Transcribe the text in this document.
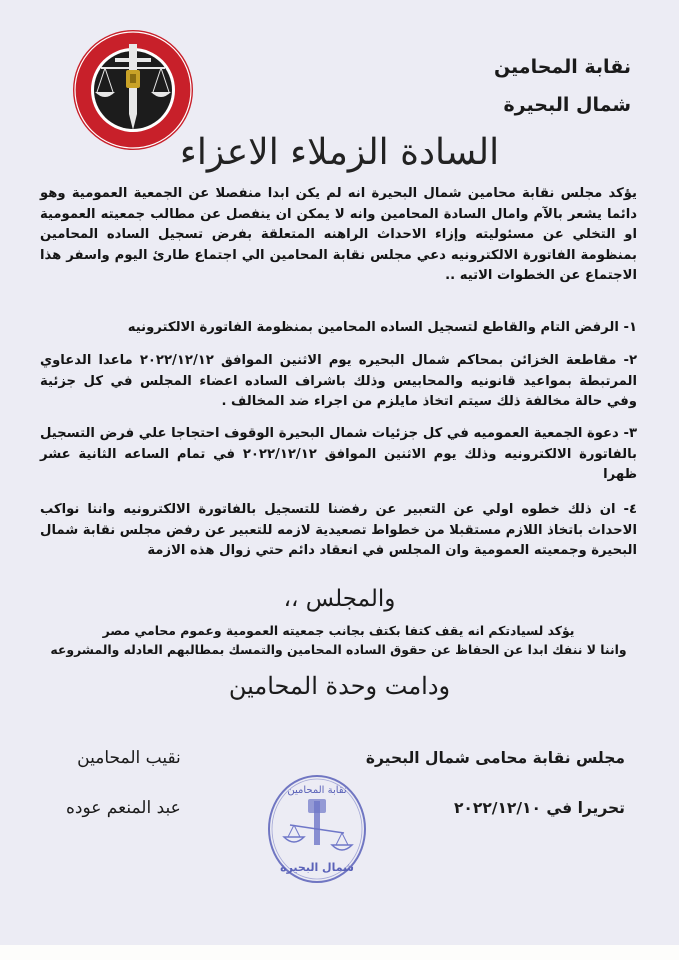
نقابة المحامين
شمال البحيرة
السادة الزملاء الاعزاء
يؤكد مجلس نقابة محامين شمال البحيرة انه لم يكن ابدا منفصلا عن الجمعية العمومية وهو دائما يشعر بالآم وامال السادة المحامين وانه لا يمكن ان ينفصل عن مطالب جمعيته العمومية او التخلي عن مسئوليته وإزاء الاحداث الراهنه المتعلقة بفرض تسجيل الساده المحامين بمنظومة الفاتورة الالكترونيه دعي مجلس نقابة المحامين الي اجتماع طارئ اليوم واسفر هذا الاجتماع عن الخطوات الاتيه ..
١- الرفض التام والقاطع لتسجيل الساده المحامين بمنظومة الفاتورة الالكترونيه
٢- مقاطعة الخزائن بمحاكم شمال البحيره يوم الاثنين الموافق ٢٠٢٢/١٢/١٢ ماعدا الدعاوي المرتبطة بمواعيد قانونيه والمحابيس وذلك باشراف الساده اعضاء المجلس في كل جزئية وفي حالة مخالفة ذلك سيتم اتخاذ مايلزم من اجراء ضد المخالف .
٣- دعوة الجمعية العموميه في كل جزئيات شمال البحيرة الوقوف احتجاجا علي فرض التسجيل بالفاتورة الالكترونيه وذلك يوم الاثنين الموافق ٢٠٢٢/١٢/١٢ في تمام الساعه الثانية عشر ظهرا
٤- ان ذلك خطوه اولي عن التعبير عن رفضنا للتسجيل بالفاتورة الالكترونيه واننا نواكب الاحداث باتخاذ اللازم مستقبلا من خطواط تصعيدية لازمه للتعبير عن رفض مجلس نقابة شمال البحيرة وجمعيته العمومية وان المجلس في انعقاد دائم حتي زوال هذه الازمة
والمجلس ،،
يؤكد لسيادتكم انه يقف كتفا بكتف بجانب جمعيته العمومية وعموم محامي مصر
واننا لا ننفك ابدا عن الحفاظ عن حقوق الساده المحامين والتمسك بمطالبهم العادله والمشروعه
ودامت وحدة المحامين
مجلس نقابة محامى شمال البحيرة
تحريرا في ٢٠٢٢/١٢/١٠
نقيب المحامين
عبد المنعم عوده
نقابة المحامين
شمال البحيرة
